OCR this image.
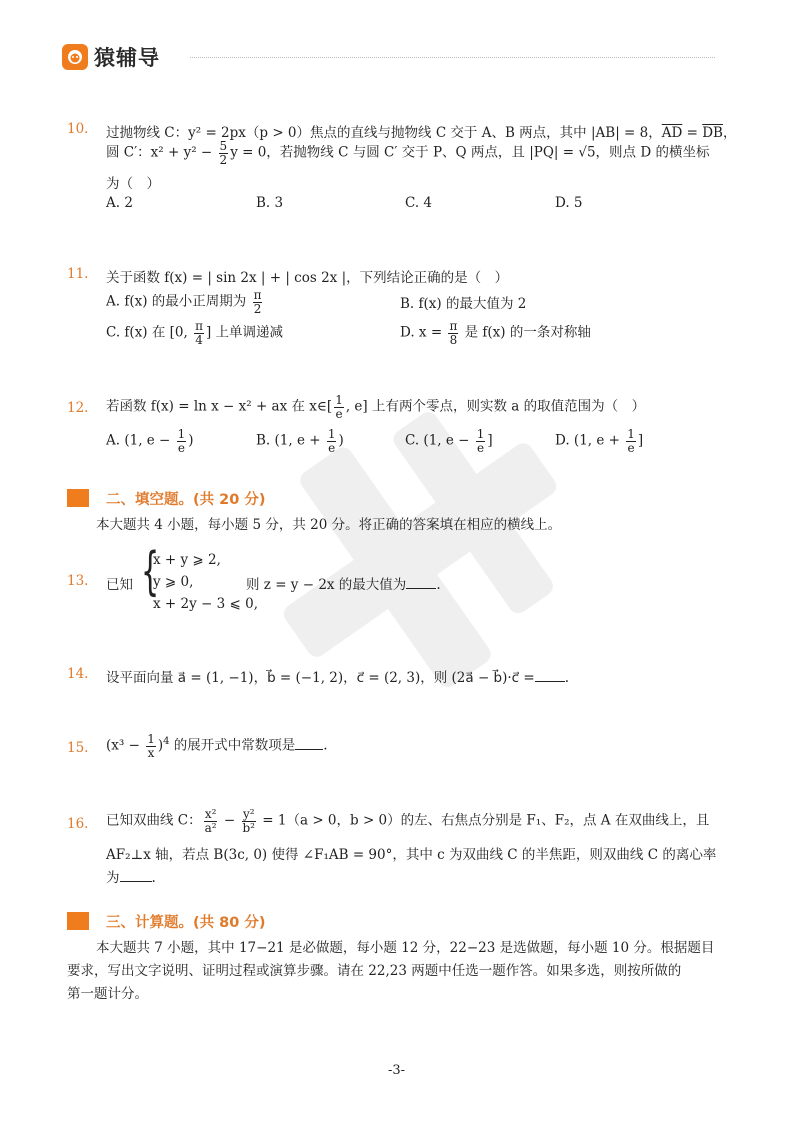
猿辅导
10. 过抛物线 C：y² = 2px（p > 0）焦点的直线与抛物线 C 交于 A、B 两点，其中 |AB| = 8，$\overline{AD} = \overline{DB}$，
圆 C′：$x^2 + y^2 - \frac{5}{2}$ y = 0，若抛物线 C 与圆 C′ 交于 P、Q 两点，且 |PQ| = √5，则点 D 的横坐标
为（　）
A. 2	B. 3	C. 4	D. 5
11. 关于函数 f(x) = | sin 2x | + | cos 2x |，下列结论正确的是（　）
A. f(x) 的最小正周期为 $\frac{\pi}{2}$	B. f(x) 的最大值为 2
C. f(x) 在 [0, $\frac{\pi}{4}$ ] 上单调递减	D. $x = \frac{\pi}{8}$ 是 f(x) 的一条对称轴
12. 若函数 f(x) = ln x − x² + ax 在 x∈[ $\frac{1}{e}$ , e] 上有两个零点，则实数 a 的取值范围为（　）
A. (1, $e - \frac{1}{e}$ )	B. (1, $e + \frac{1}{e}$ )	C. (1, $e - \frac{1}{e}$ ]	D. (1, $e + \frac{1}{e}$ ]
二、填空题。(共 20 分)
本大题共 4 小题，每小题 5 分，共 20 分。将正确的答案填在相应的横线上。
13. 已知 {
x + y ⩾ 2,
y ⩾ 0,
x + 2y − 3 ⩽ 0,
则 z = y − 2x 的最大值为 .
14. 设平面向量 a⃗ = (1, −1)，b⃗ = (−1, 2)，c⃗ = (2, 3)，则 (2a⃗ − b⃗)·c⃗ = .
15. $(x^3 - \frac{1}{x} )^4$ 的展开式中常数项是 .
16. 已知双曲线 C： $\frac{\text{x²}}{\text{a²}} - \frac{\text{y²}}{\text{b²}} = 1(a > 0$，b > 0）的左、右焦点分别是 F₁、F₂，点 A 在双曲线上，且
AF₂⊥x 轴，若点 B(3c, 0) 使得 ∠F₁AB = 90°，其中 c 为双曲线 C 的半焦距，则双曲线 C 的离心率
为 .
三、计算题。(共 80 分)
本大题共 7 小题，其中 17−21 是必做题，每小题 12 分，22−23 是选做题，每小题 10 分。根据题目
要求，写出文字说明、证明过程或演算步骤。请在 22,23 两题中任选一题作答。如果多选，则按所做的
第一题计分。
-3-
